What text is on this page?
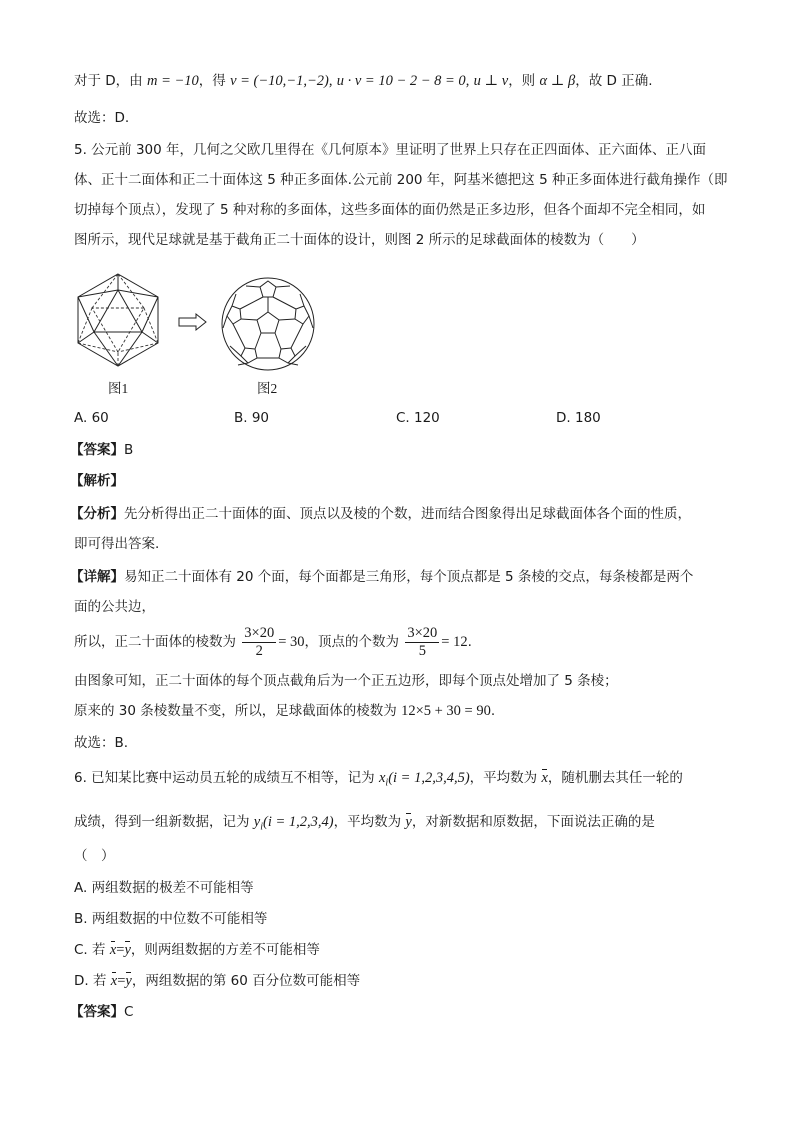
对于 D，由 m = −10，得 v = (−10,−1,−2), u · v = 10 − 2 − 8 = 0, u ⊥ v，则 α ⊥ β，故 D 正确.
故选：D.
5. 公元前 300 年，几何之父欧几里得在《几何原本》里证明了世界上只存在正四面体、正六面体、正八面
体、正十二面体和正二十面体这 5 种正多面体.公元前 200 年，阿基米德把这 5 种正多面体进行截角操作（即
切掉每个顶点），发现了 5 种对称的多面体，这些多面体的面仍然是正多边形，但各个面却不完全相同，如
图所示，现代足球就是基于截角正二十面体的设计，则图 2 所示的足球截面体的棱数为（　　）
图1	图2
A. 60	B. 90	C. 120	D. 180
【答案】B
【解析】
【分析】先分析得出正二十面体的面、顶点以及棱的个数，进而结合图象得出足球截面体各个面的性质，
即可得出答案.
【详解】易知正二十面体有 20 个面，每个面都是三角形，每个顶点都是 5 条棱的交点，每条棱都是两个
面的公共边，
所以，正二十面体的棱数为 $\frac{3\times 20}{2} = 30$，顶点的个数为 $\frac{3\times 20}{5} = 12$.
由图象可知，正二十面体的每个顶点截角后为一个正五边形，即每个顶点处增加了 5 条棱；
原来的 30 条棱数量不变，所以，足球截面体的棱数为 12×5 + 30 = 90.
故选：B.
6. 已知某比赛中运动员五轮的成绩互不相等，记为 $x_i(i = 1,2,3,4,5)$，平均数为 x，随机删去其任一轮的
成绩，得到一组新数据，记为 $y_i(i = 1,2,3,4)$，平均数为 y，对新数据和原数据，下面说法正确的是
（　）
A. 两组数据的极差不可能相等
B. 两组数据的中位数不可能相等
C. 若 x=y，则两组数据的方差不可能相等
D. 若 x=y，两组数据的第 60 百分位数可能相等
【答案】C
